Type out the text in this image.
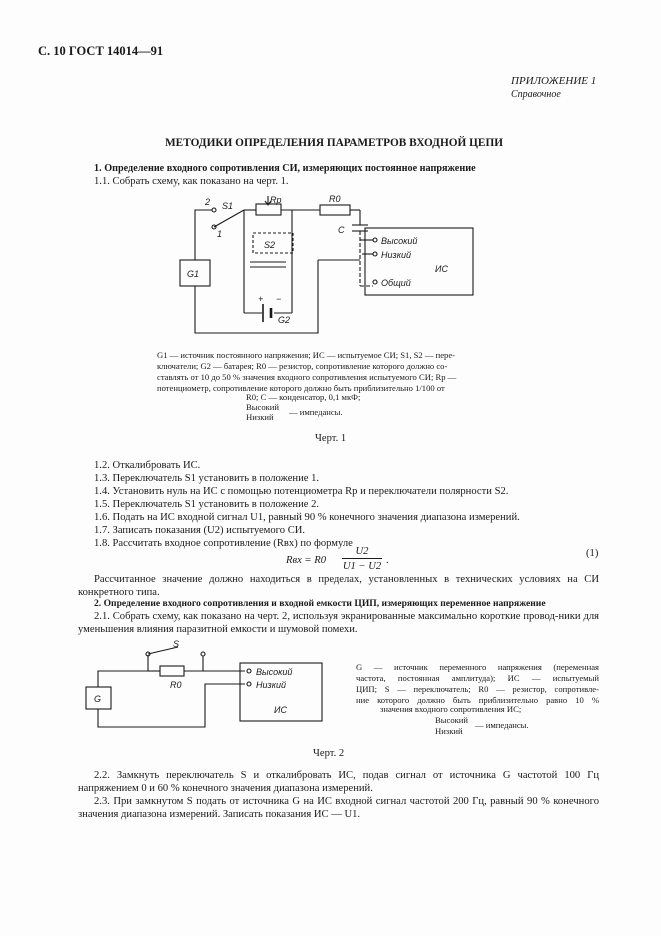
С. 10 ГОСТ 14014—91
ПРИЛОЖЕНИЕ 1
Справочное
МЕТОДИКИ ОПРЕДЕЛЕНИЯ ПАРАМЕТРОВ ВХОДНОЙ ЦЕПИ
1. Определение входного сопротивления СИ, измеряющих постоянное напряжение
1.1. Собрать схему, как показано на черт. 1.
G1
2
1
S1
Rp
S2
+ −
G2
R0
C
Высокий
Низкий
ИС
Общий
G1 — источник постоянного напряжения; ИС — испытуемое СИ; S1, S2 — пере-
ключатели; G2 — батарея; R0 — резистор, сопротивление которого должно со-
ставлять от 10 до 50 % значения входного сопротивления испытуемого СИ; Rp —
потенциометр, сопротивление которого должно быть приблизительно 1/100 от
R0; C — конденсатор, 0,1 мкФ;
Высокий
Низкий — импедансы.
Черт. 1
1.2. Откалибровать ИС.
1.3. Переключатель S1 установить в положение 1.
1.4. Установить нуль на ИС с помощью потенциометра Rp и переключатели полярности S2.
1.5. Переключатель S1 установить в положение 2.
1.6. Подать на ИС входной сигнал U1, равный 90 % конечного значения диапазона измерений.
1.7. Записать показания (U2) испытуемого СИ.
1.8. Рассчитать входное сопротивление (Rвх) по формуле
Rвх = R0
U2
U1 − U2
.
(1)
Рассчитанное значение должно находиться в пределах, установленных в технических условиях на СИ конкретного типа.
2. Определение входного сопротивления и входной емкости ЦИП, измеряющих переменное напряжение
2.1. Собрать схему, как показано на черт. 2, используя экранированные максимально короткие провод-ники для уменьшения влияния паразитной емкости и шумовой помехи.
G
S
R0
Высокий
Низкий
ИС
G — источник переменного напряжения (переменная
частота, постоянная амплитуда); ИС — испытуемый
ЦИП; S — переключатель; R0 — резистор, сопротивле-
ние которого должно быть приблизительно равно 10 %
значения входного сопротивления ИС;
Высокий
Низкий
— импедансы.
Черт. 2
2.2. Замкнуть переключатель S и откалибровать ИС, подав сигнал от источника G частотой 100 Гц напряжением 0 и 60 % конечного значения диапазона измерений.
2.3. При замкнутом S подать от источника G на ИС входной сигнал частотой 200 Гц, равный 90 % конечного значения диапазона измерений. Записать показания ИС — U1.
